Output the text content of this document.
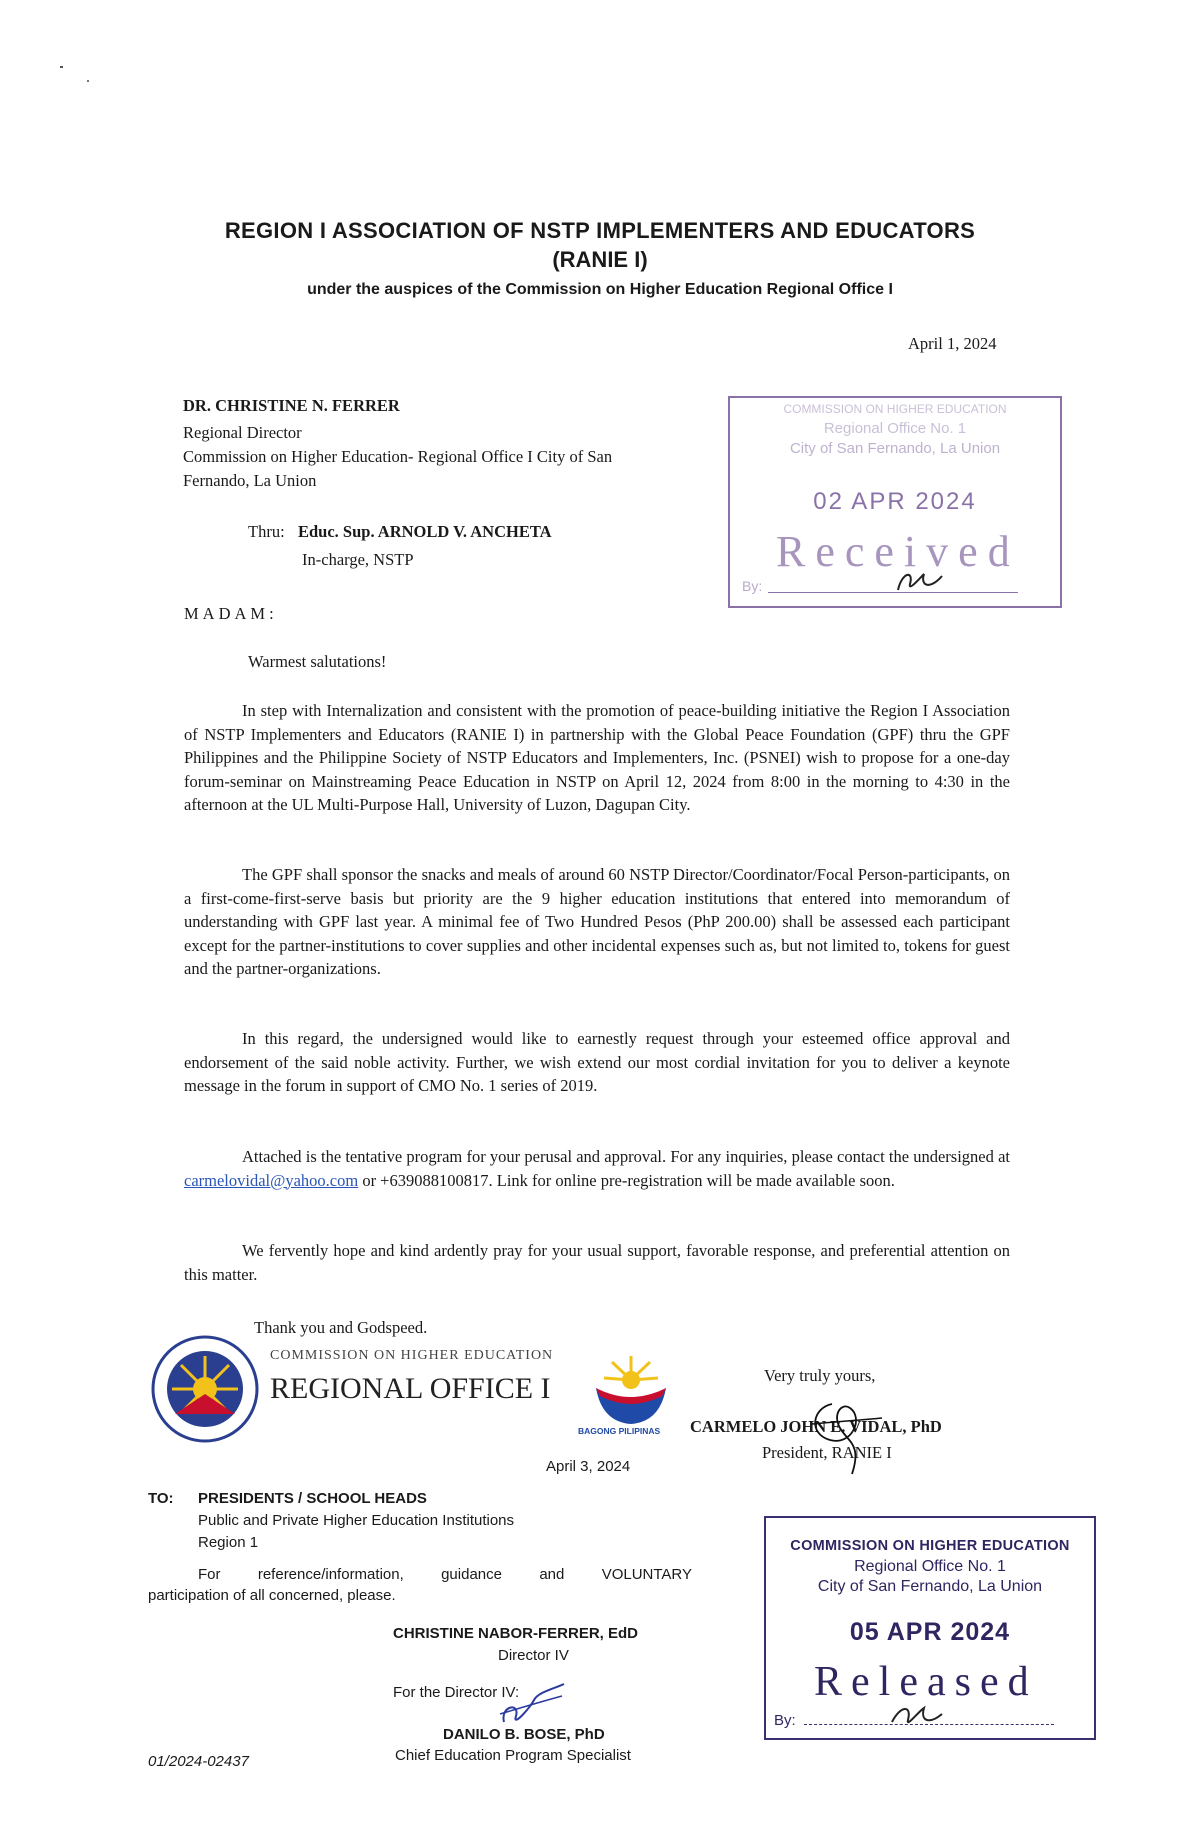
REGION I ASSOCIATION OF NSTP IMPLEMENTERS AND EDUCATORS
(RANIE I)
under the auspices of the Commission on Higher Education Regional Office I
April 1, 2024
DR. CHRISTINE N. FERRER
Regional Director
Commission on Higher Education- Regional Office I City of San
Fernando, La Union
Thru: Educ. Sup. ARNOLD V. ANCHETA
In-charge, NSTP
COMMISSION ON HIGHER EDUCATION
Regional Office No. 1
City of San Fernando, La Union
02 APR 2024
Received
By:
MADAM:
Warmest salutations!
In step with Internalization and consistent with the promotion of peace-building initiative the Region I Association of NSTP Implementers and Educators (RANIE I) in partnership with the Global Peace Foundation (GPF) thru the GPF Philippines and the Philippine Society of NSTP Educators and Implementers, Inc. (PSNEI) wish to propose for a one-day forum-seminar on Mainstreaming Peace Education in NSTP on April 12, 2024 from 8:00 in the morning to 4:30 in the afternoon at the UL Multi-Purpose Hall, University of Luzon, Dagupan City.
The GPF shall sponsor the snacks and meals of around 60 NSTP Director/Coordinator/Focal Person-participants, on a first-come-first-serve basis but priority are the 9 higher education institutions that entered into memorandum of understanding with GPF last year. A minimal fee of Two Hundred Pesos (PhP 200.00) shall be assessed each participant except for the partner-institutions to cover supplies and other incidental expenses such as, but not limited to, tokens for guest and the partner-organizations.
In this regard, the undersigned would like to earnestly request through your esteemed office approval and endorsement of the said noble activity. Further, we wish extend our most cordial invitation for you to deliver a keynote message in the forum in support of CMO No. 1 series of 2019.
Attached is the tentative program for your perusal and approval. For any inquiries, please contact the undersigned at carmelovidal@yahoo.com or +639088100817. Link for online pre-registration will be made available soon.
We fervently hope and kind ardently pray for your usual support, favorable response, and preferential attention on this matter.
Thank you and Godspeed.
COMMISSION ON HIGHER EDUCATION
REGIONAL OFFICE I
BAGONG PILIPINAS
April 3, 2024
Very truly yours,
CARMELO JOHN E. VIDAL, PhD
President, RANIE I
TO: PRESIDENTS / SCHOOL HEADS
Public and Private Higher Education Institutions
Region 1
For reference/information, guidance and VOLUNTARY
participation of all concerned, please.
CHRISTINE NABOR-FERRER, EdD
Director IV
For the Director IV:
DANILO B. BOSE, PhD
Chief Education Program Specialist
01/2024-02437
COMMISSION ON HIGHER EDUCATION
Regional Office No. 1
City of San Fernando, La Union
05 APR 2024
Released
By:
